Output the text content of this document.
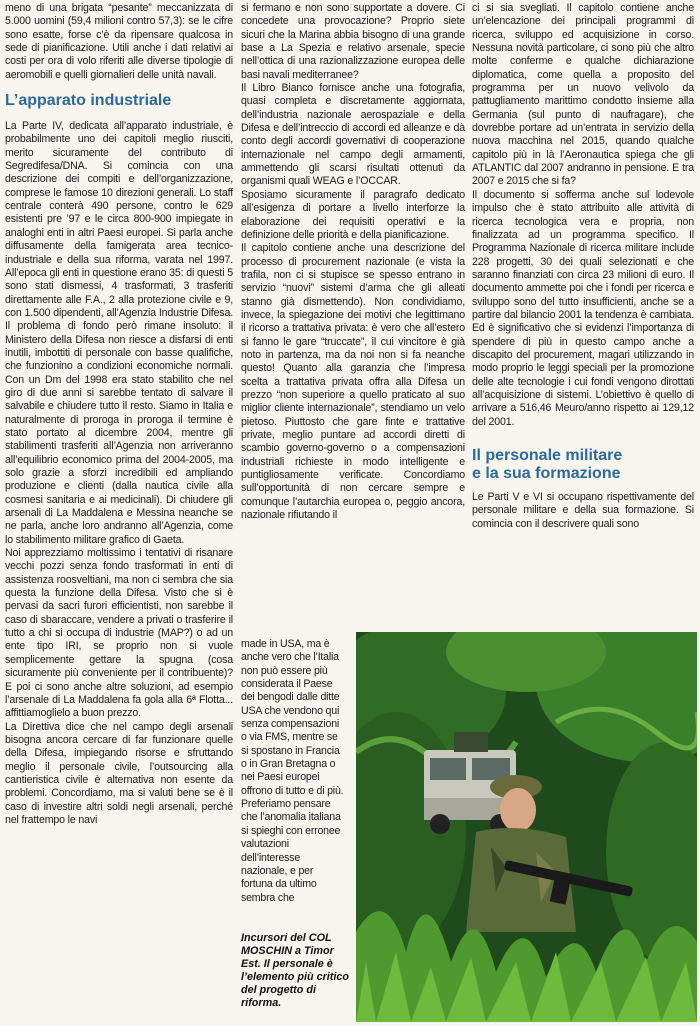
meno di una brigata “pesante” meccanizzata di 5.000 uomini (59,4 milioni contro 57,3): se le cifre sono esatte, forse c’è da ripensare qualcosa in sede di pianificazione. Utili anche i dati relativi ai costi per ora di volo riferiti alle diverse tipologie di aeromobili e quelli giornalieri delle unità navali.

L’apparato industriale

La Parte IV, dedicata all’apparato industriale, è probabilmente uno dei capitoli meglio riusciti, merito sicuramente del contributo di Segredifesa/DNA. Si comincia con una descrizione dei compiti e dell’organizzazione, comprese le famose 10 direzioni generali. Lo staff centrale conterà 490 persone, contro le 629 esistenti pre ’97 e le circa 800-900 impiegate in analoghi enti in altri Paesi europei. Si parla anche diffusamente della famigerata area tecnico-industriale e della sua riforma, varata nel 1997. All’epoca gli enti in questione erano 35: di questi 5 sono stati dismessi, 4 trasformati, 3 trasferiti direttamente alle F.A., 2 alla protezione civile e 9, con 1.500 dipendenti, all’Agenzia Industrie Difesa. Il problema di fondo però rimane insoluto: il Ministero della Difesa non riesce a disfarsi di enti inutili, imbottiti di personale con basse qualifiche, che funzionino a condizioni economiche normali. Con un Dm del 1998 era stato stabilito che nel giro di due anni si sarebbe tentato di salvare il salvabile e chiudere tutto il resto. Siamo in Italia e naturalmente di proroga in proroga il termine è stato portato al dicembre 2004, mentre gli stabilimenti trasferiti all’Agenzia non arriveranno all’equilibrio economico prima del 2004-2005, ma solo grazie a sforzi incredibili ed ampliando produzione e clienti (dalla nautica civile alla cosmesi sanitaria e ai medicinali). Di chiudere gli arsenali di La Maddalena e Messina neanche se ne parla, anche loro andranno all’Agenzia, come lo stabilimento militare grafico di Gaeta.

Noi apprezziamo moltissimo i tentativi di risanare vecchi pozzi senza fondo trasformati in enti di assistenza roosveltiani, ma non ci sembra che sia questa la funzione della Difesa. Visto che si è pervasi da sacri furori efficientisti, non sarebbe il caso di sbaraccare, vendere a privati o trasferire il tutto a chi si occupa di industrie (MAP?) o ad un ente tipo IRI, se proprio non si vuole semplicemente gettare la spugna (cosa sicuramente più conveniente per il contribuente)? E poi ci sono anche altre soluzioni, ad esempio l’arsenale di La Maddalena fa gola alla 6ª Flotta... affittiamoglielo a buon prezzo.

La Direttiva dice che nel campo degli arsenali bisogna ancora cercare di far funzionare quelle della Difesa, impiegando risorse e sfruttando meglio il personale civile, l’outsourcing alla cantieristica civile è alternativa non esente da problemi. Concordiamo, ma si valuti bene se è il caso di investire altri soldi negli arsenali, perché nel frattempo le navi

si fermano e non sono supportate a dovere. Ci concedete una provocazione? Proprio siete sicuri che la Marina abbia bisogno di una grande base a La Spezia e relativo arsenale, specie nell’ottica di una razionalizzazione europea delle basi navali mediterranee?

Il Libro Bianco fornisce anche una fotografia, quasi completa e discretamente aggiornata, dell’industria nazionale aerospaziale e della Difesa e dell’intreccio di accordi ed alleanze e dà conto degli accordi governativi di cooperazione internazionale nel campo degli armamenti, ammettendo gli scarsi risultati ottenuti da organismi quali WEAG e l’OCCAR.

Sposiamo sicuramente il paragrafo dedicato all’esigenza di portare a livello interforze la elaborazione dei requisiti operativi e la definizione delle priorità e della pianificazione.

Il capitolo contiene anche una descrizione del processo di procurement nazionale (e vista la trafila, non ci si stupisce se spesso entrano in servizio “nuovi” sistemi d’arma che gli alleati stanno già dismettendo). Non condividiamo, invece, la spiegazione dei motivi che legittimano il ricorso a trattativa privata: è vero che all’estero si fanno le gare “truccate”, il cui vincitore è già noto in partenza, ma da noi non si fa neanche questo! Quanto alla garanzia che l’impresa scelta a trattativa privata offra alla Difesa un prezzo “non superiore a quello praticato al suo miglior cliente internazionale”, stendiamo un velo pietoso. Piuttosto che gare finte e trattative private, meglio puntare ad accordi diretti di scambio governo-governo o a compensazioni industriali richieste in modo intelligente e puntigliosamente verificate. Concordiamo sull’opportunità di non cercare sempre e comunque l’autarchia europea o, peggio ancora, nazionale rifiutando il

made in USA, ma è anche vero che l’Italia non può essere più considerata il Paese dei bengodi dalle ditte USA che vendono qui senza compensazioni o via FMS, mentre se si spostano in Francia o in Gran Bretagna o nei Paesi europei offrono di tutto e di più. Preferiamo pensare che l’anomalia italiana si spieghi con erronee valutazioni dell’interesse nazionale, e per fortuna da ultimo sembra che
Incursori del COL MOSCHIN a Timor Est. Il personale è l’elemento più critico del progetto di riforma.

ci si sia svegliati. Il capitolo contiene anche un’elencazione dei principali programmi di ricerca, sviluppo ed acquisizione in corso. Nessuna novità particolare, ci sono più che altro molte conferme e qualche dichiarazione diplomatica, come quella a proposito del programma per un nuovo velivolo da pattugliamento marittimo condotto insieme alla Germania (sul punto di naufragare), che dovrebbe portare ad un’entrata in servizio della nuova macchina nel 2015, quando qualche capitolo più in là l’Aeronautica spiega che gli ATLANTIC dal 2007 andranno in pensione. E tra 2007 e 2015 che si fa?

Il documento si sofferma anche sul lodevole impulso che è stato attribuito alle attività di ricerca tecnologica vera e propria, non finalizzata ad un programma specifico. Il Programma Nazionale di ricerca militare include 228 progetti, 30 dei quali selezionati e che saranno finanziati con circa 23 milioni di euro. Il documento ammette poi che i fondi per ricerca e sviluppo sono del tutto insufficienti, anche se a partire dal bilancio 2001 la tendenza è cambiata. Ed è significativo che si evidenzi l’importanza di spendere di più in questo campo anche a discapito del procurement, magari utilizzando in modo proprio le leggi speciali per la promozione delle alte tecnologie i cui fondi vengono dirottati all’acquisizione di sistemi. L’obiettivo è quello di arrivare a 516,46 Meuro/anno rispetto ai 129,12 del 2001.

Il personale militare
e la sua formazione

Le Parti V e VI si occupano rispettivamente del personale militare e della sua formazione. Si comincia con il descrivere quali sono
